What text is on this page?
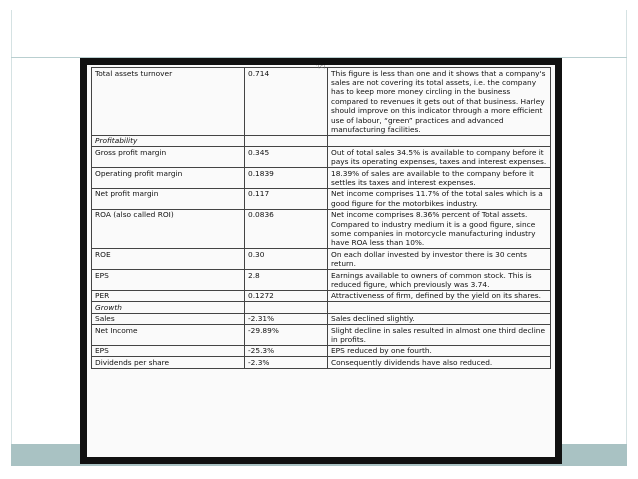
'(c)
Total assets turnover	0.714	This figure is less than one and it shows that a company's sales are not covering its total assets, i.e. the company has to keep more money circling in the business compared to revenues it gets out of that business. Harley should improve on this indicator through a more efficient use of labour, “green” practices and advanced manufacturing facilities.
Profitability		
Gross profit margin	0.345	Out of total sales 34.5% is available to company before it pays its operating expenses, taxes and interest expenses.
Operating profit margin	0.1839	18.39% of sales are available to the company before it settles its taxes and interest expenses.
Net profit margin	0.117	Net income comprises 11.7% of the total sales which is a good figure for the motorbikes industry.
ROA (also called ROI)	0.0836	Net income comprises 8.36% percent of Total assets. Compared to industry medium it is a good figure, since some companies in motorcycle manufacturing industry have ROA less than 10%.
ROE	0.30	On each dollar invested by investor there is 30 cents return.
EPS	2.8	Earnings available to owners of common stock. This is reduced figure, which previously was 3.74.
PER	0.1272	Attractiveness of firm, defined by the yield on its shares.
Growth		
Sales	-2.31%	Sales declined slightly.
Net Income	-29.89%	Slight decline in sales resulted in almost one third decline in profits.
EPS	-25.3%	EPS reduced by one fourth.
Dividends per share	-2.3%	Consequently dividends have also reduced.
